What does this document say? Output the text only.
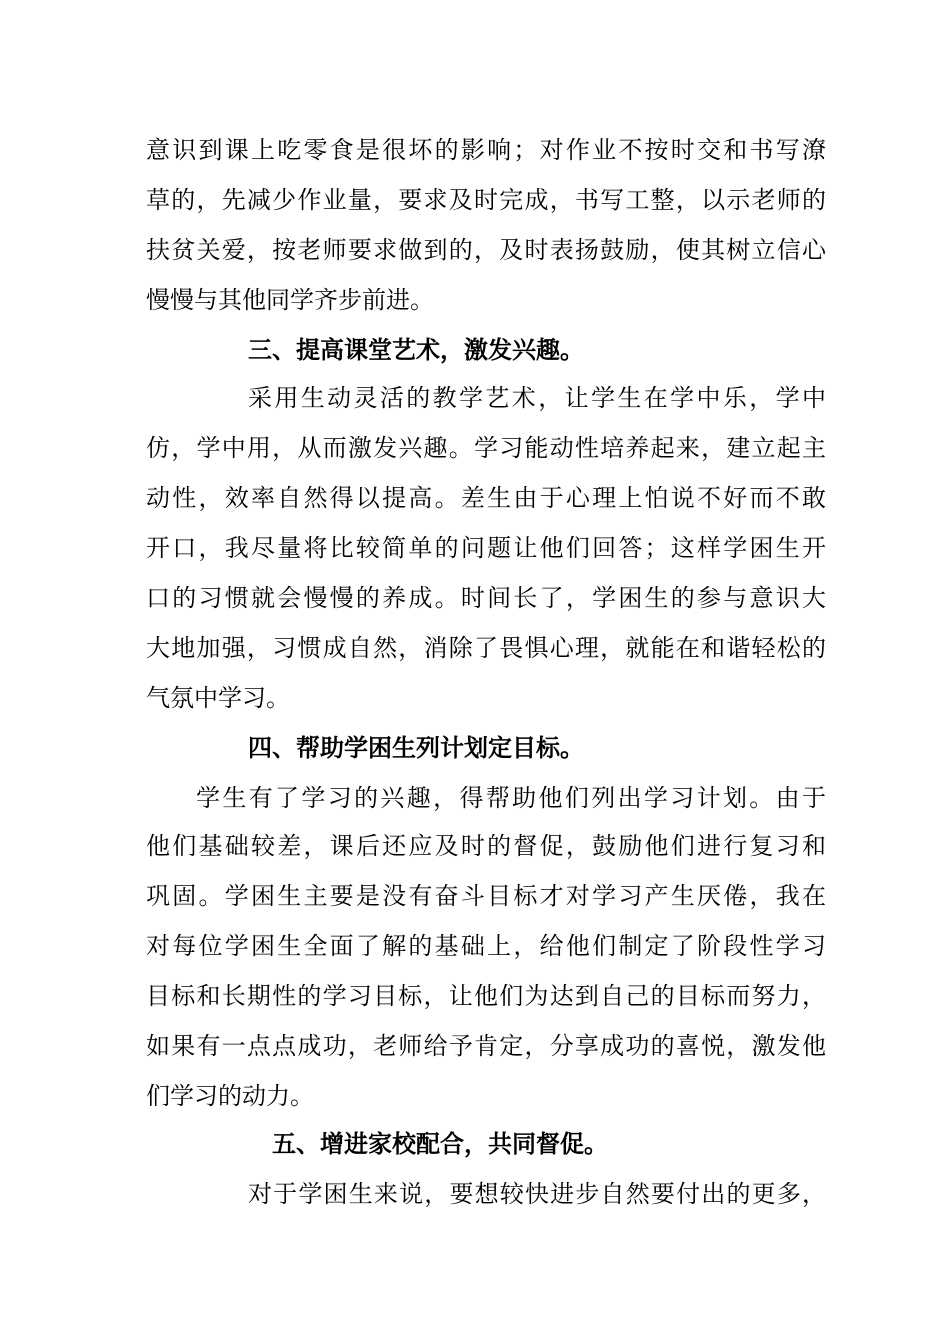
意识到课上吃零食是很坏的影响；对作业不按时交和书写潦
草的，先减少作业量，要求及时完成，书写工整，以示老师的
扶贫关爱，按老师要求做到的，及时表扬鼓励，使其树立信心
慢慢与其他同学齐步前进。
三、提高课堂艺术，激发兴趣。
采用生动灵活的教学艺术，让学生在学中乐，学中
仿，学中用，从而激发兴趣。学习能动性培养起来，建立起主
动性，效率自然得以提高。差生由于心理上怕说不好而不敢
开口，我尽量将比较简单的问题让他们回答；这样学困生开
口的习惯就会慢慢的养成。时间长了，学困生的参与意识大
大地加强，习惯成自然，消除了畏惧心理，就能在和谐轻松的
气氛中学习。
四、帮助学困生列计划定目标。
学生有了学习的兴趣，得帮助他们列出学习计划。由于
他们基础较差，课后还应及时的督促，鼓励他们进行复习和
巩固。学困生主要是没有奋斗目标才对学习产生厌倦，我在
对每位学困生全面了解的基础上，给他们制定了阶段性学习
目标和长期性的学习目标，让他们为达到自己的目标而努力，
如果有一点点成功，老师给予肯定，分享成功的喜悦，激发他
们学习的动力。
五、增进家校配合，共同督促。
对于学困生来说，要想较快进步自然要付出的更多，
